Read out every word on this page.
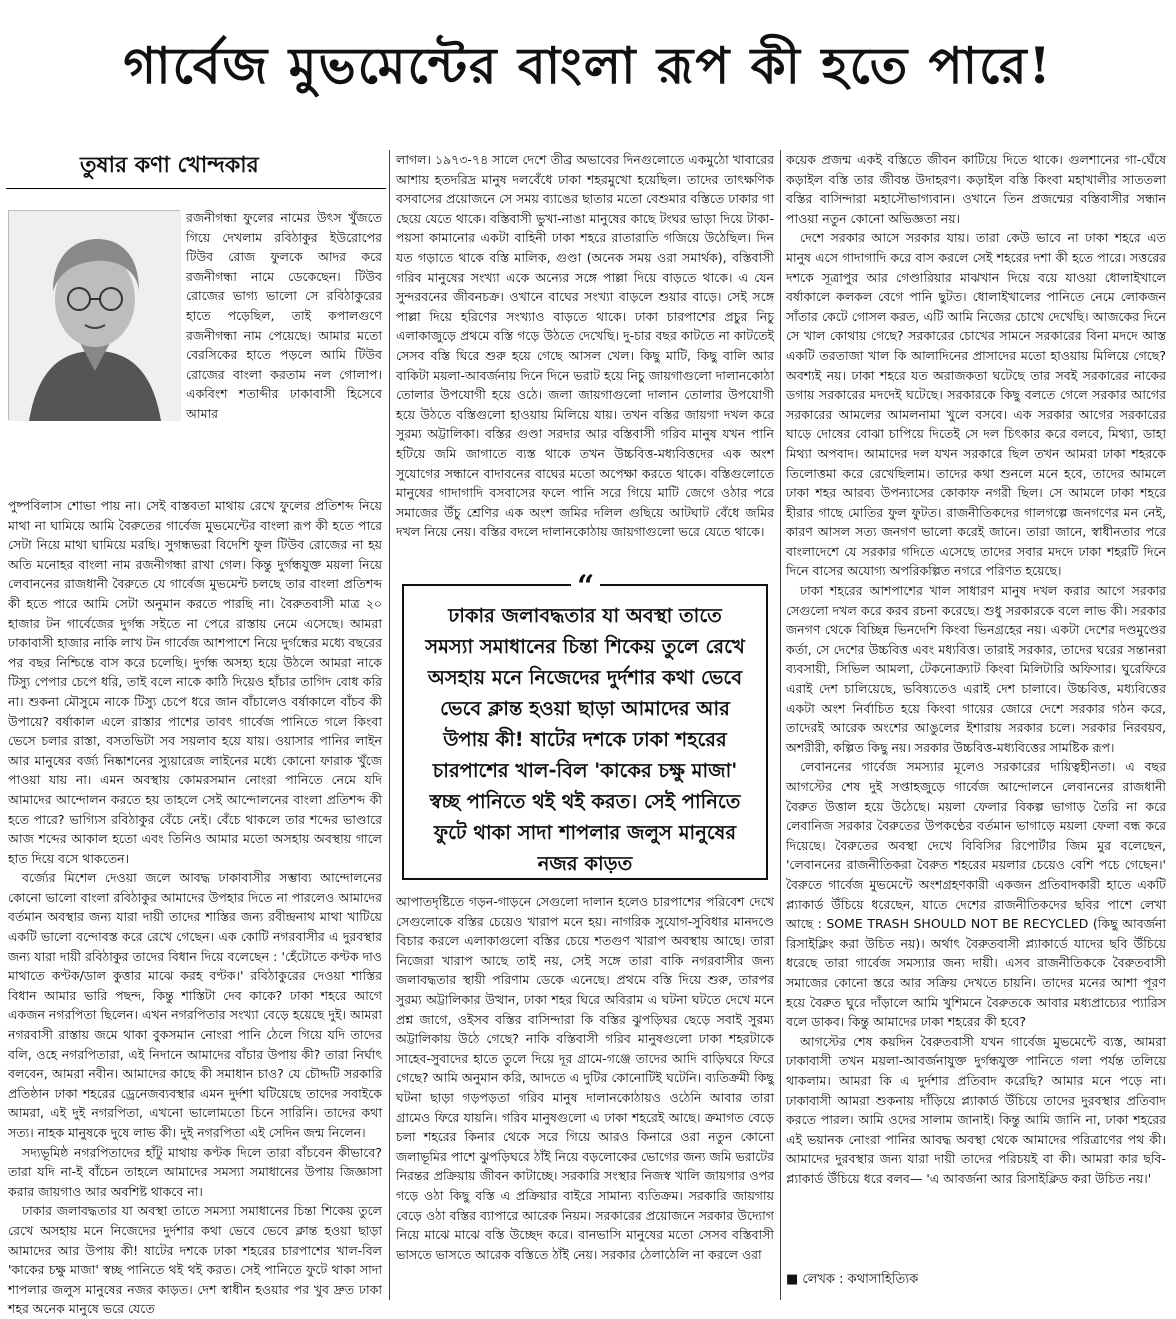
গার্বেজ মুভমেন্টের বাংলা রূপ কী হতে পারে!
তুষার কণা খোন্দকার

রজনীগন্ধা ফুলের নামের উৎস খুঁজতে গিয়ে দেখলাম রবিঠাকুর ইউরোপের টিউব রোজ ফুলকে আদর করে রজনীগন্ধা নামে ডেকেছেন। টিউব রোজের ভাগ্য ভালো সে রবিঠাকুরের হাতে পড়েছিল, তাই কপালগুণে রজনীগন্ধা নাম পেয়েছে। আমার মতো বেরসিকের হাতে পড়লে আমি টিউব রোজের বাংলা করতাম নল গোলাপ। একবিংশ শতাব্দীর ঢাকাবাসী হিসেবে আমার

পুষ্পবিলাস শোভা পায় না। সেই বাস্তবতা মাথায় রেখে ফুলের প্রতিশব্দ নিয়ে মাথা না ঘামিয়ে আমি বৈরুতের গার্বেজ মুভমেন্টের বাংলা রূপ কী হতে পারে সেটা নিয়ে মাথা ঘামিয়ে মরছি। সুগন্ধভরা বিদেশি ফুল টিউব রোজের না হয় অতি মনোহর বাংলা নাম রজনীগন্ধা রাখা গেল। কিন্তু দুর্গন্ধযুক্ত ময়লা নিয়ে লেবাননের রাজধানী বৈরুতে যে গার্বেজ মুভমেন্ট চলছে তার বাংলা প্রতিশব্দ কী হতে পারে আমি সেটা অনুমান করতে পারছি না। বৈরুতবাসী মাত্র ২০ হাজার টন গার্বেজের দুর্গন্ধ সইতে না পেরে রাস্তায় নেমে এসেছে। আমরা ঢাকাবাসী হাজার নাকি লাখ টন গার্বেজ আশপাশে নিয়ে দুর্গন্ধের মধ্যে বছরের পর বছর নিশ্চিন্তে বাস করে চলেছি। দুর্গন্ধ অসহ্য হয়ে উঠলে আমরা নাকে টিস্যু পেপার চেপে ধরি, তাই বলে নাকে কাঠি দিয়েও হাঁচার তাগিদ বোধ করি না। শুকনা মৌসুমে নাকে টিস্যু চেপে ধরে জান বাঁচালেও বর্ষাকালে বাঁচব কী উপায়ে? বর্ষাকাল এলে রাস্তার পাশের তাবৎ গার্বেজ পানিতে গলে কিংবা ভেসে চলার রাস্তা, বসতভিটা সব সয়লাব হয়ে যায়। ওয়াসার পানির লাইন আর মানুষের বর্জ্য নিষ্কাশনের স্যুয়ারেজ লাইনের মধ্যে কোনো ফারাক খুঁজে পাওয়া যায় না। এমন অবস্থায় কোমরসমান নোংরা পানিতে নেমে যদি আমাদের আন্দোলন করতে হয় তাহলে সেই আন্দোলনের বাংলা প্রতিশব্দ কী হতে পারে? ভাগ্যিস রবিঠাকুর বেঁচে নেই। বেঁচে থাকলে তার শব্দের ভাণ্ডারে আজ শব্দের আকাল হতো এবং তিনিও আমার মতো অসহায় অবস্থায় গালে হাত দিয়ে বসে থাকতেন।

বর্জ্যের মিশেল দেওয়া জলে আবদ্ধ ঢাকাবাসীর সম্ভাব্য আন্দোলনের কোনো ভালো বাংলা রবিঠাকুর আমাদের উপহার দিতে না পারলেও আমাদের বর্তমান অবস্থার জন্য যারা দায়ী তাদের শাস্তির জন্য রবীন্দ্রনাথ মাথা খাটিয়ে একটি ভালো বন্দোবস্ত করে রেখে গেছেন। এক কোটি নগরবাসীর এ দুরবস্থার জন্য যারা দায়ী রবিঠাকুর তাদের বিধান দিয়ে বলেছেন : 'হেঁটোতে কণ্টক দাও মাথাতে কণ্টক/ডাল কুত্তার মাঝে করহ বণ্টক।' রবিঠাকুরের দেওয়া শাস্তির বিধান আমার ভারি পছন্দ, কিন্তু শাস্তিটা দেব কাকে? ঢাকা শহরে আগে একজন নগরপিতা ছিলেন। এখন নগরপিতার সংখ্যা বেড়ে হয়েছে দুই। আমরা নগরবাসী রাস্তায় জমে থাকা বুকসমান নোংরা পানি ঠেলে গিয়ে যদি তাদের বলি, ওহে নগরপিতারা, এই নিদানে আমাদের বাঁচার উপায় কী? তারা নির্ঘাৎ বলবেন, আমরা নবীন। আমাদের কাছে কী সমাধান চাও? যে চৌদ্দটি সরকারি প্রতিষ্ঠান ঢাকা শহরের ড্রেনেজব্যবস্থার এমন দুর্দশা ঘটিয়েছে তাদের সবাইকে আমরা, এই দুই নগরপিতা, এখনো ভালোমতো চিনে সারিনি। তাদের কথা সত্য। নাহক মানুষকে দুষে লাভ কী। দুই নগরপিতা এই সেদিন জন্ম নিলেন।

সদ্যভূমিষ্ঠ নগরপিতাদের হাঁটু মাথায় কণ্টক দিলে তারা বাঁচবেন কীভাবে? তারা যদি না-ই বাঁচেন তাহলে আমাদের সমস্যা সমাধানের উপায় জিজ্ঞাসা করার জায়গাও আর অবশিষ্ট থাকবে না।

ঢাকার জলাবদ্ধতার যা অবস্থা তাতে সমস্যা সমাধানের চিন্তা শিকেয় তুলে রেখে অসহায় মনে নিজেদের দুর্দশার কথা ভেবে ভেবে ক্লান্ত হওয়া ছাড়া আমাদের আর উপায় কী! ষাটের দশকে ঢাকা শহরের চারপাশের খাল-বিল 'কাকের চক্ষু মাজা' স্বচ্ছ পানিতে থই থই করত। সেই পানিতে ফুটে থাকা সাদা শাপলার জলুস মানুষের নজর কাড়ত। দেশ স্বাধীন হওয়ার পর খুব দ্রুত ঢাকা শহর অনেক মানুষে ভরে যেতে

লাগল। ১৯৭৩-৭৪ সালে দেশে তীব্র অভাবের দিনগুলোতে একমুঠো খাবারের আশায় হতদরিদ্র মানুষ দলবেঁধে ঢাকা শহরমুখো হয়েছিল। তাদের তাৎক্ষণিক বসবাসের প্রয়োজনে সে সময় ব্যাঙের ছাতার মতো বেশুমার বস্তিতে ঢাকার গা ছেয়ে যেতে থাকে। বস্তিবাসী ভুখা-নাঙা মানুষের কাছে টংঘর ভাড়া দিয়ে টাকা-পয়সা কামানোর একটা বাহিনী ঢাকা শহরে রাতারাতি গজিয়ে উঠেছিল। দিন যত গড়াতে থাকে বস্তি মালিক, গুণ্ডা (অনেক সময় ওরা সমার্থক), বস্তিবাসী গরিব মানুষের সংখ্যা একে অন্যের সঙ্গে পাল্লা দিয়ে বাড়তে থাকে। এ যেন সুন্দরবনের জীবনচক্র। ওখানে বাঘের সংখ্যা বাড়লে শুয়ার বাড়ে। সেই সঙ্গে পাল্লা দিয়ে হরিণের সংখ্যাও বাড়তে থাকে। ঢাকা চারপাশের প্রচুর নিচু এলাকাজুড়ে প্রথমে বস্তি গড়ে উঠতে দেখেছি। দু-চার বছর কাটতে না কাটতেই সেসব বস্তি ঘিরে শুরু হয়ে গেছে আসল খেল। কিছু মাটি, কিছু বালি আর বাকিটা ময়লা-আবর্জনায় দিনে দিনে ভরাট হয়ে নিচু জায়গাগুলো দালানকোঠা তোলার উপযোগী হয়ে ওঠে। জলা জায়গাগুলো দালান তোলার উপযোগী হয়ে উঠতে বস্তিগুলো হাওয়ায় মিলিয়ে যায়। তখন বস্তির জায়গা দখল করে সুরম্য অট্টালিকা। বস্তির গুণ্ডা সরদার আর বস্তিবাসী গরিব মানুষ যখন পানি হটিয়ে জমি জাগাতে ব্যস্ত থাকে তখন উচ্চবিত্ত-মধ্যবিত্তদের এক অংশ সুযোগের সন্ধানে বাদাবনের বাঘের মতো অপেক্ষা করতে থাকে। বস্তিগুলোতে মানুষের গাদাগাদি বসবাসের ফলে পানি সরে গিয়ে মাটি জেগে ওঠার পরে সমাজের উঁচু শ্রেণির এক অংশ জমির দলিল গুছিয়ে আটঘাট বেঁধে জমির দখল নিয়ে নেয়। বস্তির বদলে দালানকোঠায় জায়গাগুলো ভরে যেতে থাকে।

“
ঢাকার জলাবদ্ধতার যা অবস্থা তাতে সমস্যা সমাধানের চিন্তা শিকেয় তুলে রেখে অসহায় মনে নিজেদের দুর্দশার কথা ভেবে ভেবে ক্লান্ত হওয়া ছাড়া আমাদের আর উপায় কী! ষাটের দশকে ঢাকা শহরের চারপাশের খাল-বিল 'কাকের চক্ষু মাজা' স্বচ্ছ পানিতে থই থই করত। সেই পানিতে ফুটে থাকা সাদা শাপলার জলুস মানুষের নজর কাড়ত

আপাতদৃষ্টিতে গড়ন-গাড়নে সেগুলো দালান হলেও চারপাশের পরিবেশ দেখে সেগুলোকে বস্তির চেয়েও খারাপ মনে হয়। নাগরিক সুযোগ-সুবিধার মানদণ্ডে বিচার করলে এলাকাগুলো বস্তির চেয়ে শতগুণ খারাপ অবস্থায় আছে। তারা নিজেরা খারাপ আছে তাই নয়, সেই সঙ্গে তারা বাকি নগরবাসীর জন্য জলাবদ্ধতার স্থায়ী পরিণাম ডেকে এনেছে। প্রথমে বস্তি দিয়ে শুরু, তারপর সুরম্য অট্টালিকার উত্থান, ঢাকা শহর ঘিরে অবিরাম এ ঘটনা ঘটতে দেখে মনে প্রশ্ন জাগে, ওইসব বস্তির বাসিন্দারা কি বস্তির ঝুপড়িঘর ছেড়ে সবাই সুরম্য অট্টালিকায় উঠে গেছে? নাকি বস্তিবাসী গরিব মানুষগুলো ঢাকা শহরটাকে সাহেব-সুবাদের হাতে তুলে দিয়ে দূর গ্রামে-গঞ্জে তাদের আদি বাড়িঘরে ফিরে গেছে? আমি অনুমান করি, আদতে এ দুটির কোনোটিই ঘটেনি। ব্যতিক্রমী কিছু ঘটনা ছাড়া গড়পড়তা গরিব মানুষ দালানকোঠায়ও ওঠেনি আবার তারা গ্রামেও ফিরে যায়নি। গরিব মানুষগুলো এ ঢাকা শহরেই আছে। ক্রমাগত বেড়ে চলা শহরের কিনার থেকে সরে গিয়ে আরও কিনারে ওরা নতুন কোনো জলাভূমির পাশে ঝুপড়িঘরে ঠাঁই নিয়ে বড়লোকের ভোগের জন্য জমি ভরাটের নিরন্তর প্রক্রিয়ায় জীবন কাটাচ্ছে। সরকারি সংস্থার নিজস্ব খালি জায়গার ওপর গড়ে ওঠা কিছু বস্তি এ প্রক্রিয়ার বাইরে সামান্য ব্যতিক্রম। সরকারি জায়গায় বেড়ে ওঠা বস্তির ব্যাপারে আরেক নিয়ম। সরকারের প্রয়োজনে সরকার উদ্যোগ নিয়ে মাঝে মাঝে বস্তি উচ্ছেদ করে। বানভাসি মানুষের মতো সেসব বস্তিবাসী ভাসতে ভাসতে আরেক বস্তিতে ঠাঁই নেয়। সরকার ঠেলাঠেলি না করলে ওরা

কয়েক প্রজন্ম একই বস্তিতে জীবন কাটিয়ে দিতে থাকে। গুলশানের গা-ঘেঁষে কড়াইল বস্তি তার জীবন্ত উদাহরণ। কড়াইল বস্তি কিংবা মহাখালীর সাততলা বস্তির বাসিন্দারা মহাসৌভাগ্যবান। ওখানে তিন প্রজন্মের বস্তিবাসীর সন্ধান পাওয়া নতুন কোনো অভিজ্ঞতা নয়।

দেশে সরকার আসে সরকার যায়। তারা কেউ ভাবে না ঢাকা শহরে এত মানুষ এসে গাদাগাদি করে বাস করলে সেই শহরের দশা কী হতে পারে। সত্তরের দশকে সূত্রাপুর আর গেণ্ডারিয়ার মাঝখান দিয়ে বয়ে যাওয়া ধোলাইখালে বর্ষাকালে কলকল বেগে পানি ছুটত। ধোলাইখালের পানিতে নেমে লোকজন সাঁতার কেটে গোসল করত, এটি আমি নিজের চোখে দেখেছি। আজকের দিনে সে খাল কোথায় গেছে? সরকারের চোখের সামনে সরকারের বিনা মদদে আস্ত একটি তরতাজা খাল কি আলাদিনের প্রাসাদের মতো হাওয়ায় মিলিয়ে গেছে? অবশ্যই নয়। ঢাকা শহরে যত অরাজকতা ঘটেছে তার সবই সরকারের নাকের ডগায় সরকারের মদদেই ঘটেছে। সরকারকে কিছু বলতে গেলে সরকার আগের সরকারের আমলের আমলনামা খুলে বসবে। এক সরকার আগের সরকারের ঘাড়ে দোষের বোঝা চাপিয়ে দিতেই সে দল চিৎকার করে বলবে, মিথ্যা, ডাহা মিথ্যা অপবাদ। আমাদের দল যখন সরকারে ছিল তখন আমরা ঢাকা শহরকে তিলোত্তমা করে রেখেছিলাম। তাদের কথা শুনলে মনে হবে, তাদের আমলে ঢাকা শহর আরব্য উপন্যাসের কোকাফ নগরী ছিল। সে আমলে ঢাকা শহরে হীরার গাছে মোতির ফুল ফুটত। রাজনীতিকদের গালগল্পে জনগণের মন নেই, কারণ আসল সত্য জনগণ ভালো করেই জানে। তারা জানে, স্বাধীনতার পরে বাংলাদেশে যে সরকার গদিতে এসেছে তাদের সবার মদদে ঢাকা শহরটি দিনে দিনে বাসের অযোগ্য অপরিকল্পিত নগরে পরিণত হয়েছে।

ঢাকা শহরের আশপাশের খাল সাধারণ মানুষ দখল করার আগে সরকার সেগুলো দখল করে করব রচনা করেছে। শুধু সরকারকে বলে লাভ কী। সরকার জনগণ থেকে বিচ্ছিন্ন ভিনদেশি কিংবা ভিনগ্রহের নয়। একটা দেশের দণ্ডমুণ্ডের কর্তা, সে দেশের উচ্চবিত্ত এবং মধ্যবিত্ত। তারাই সরকার, তাদের ঘরের সন্তানরা ব্যবসায়ী, সিভিল আমলা, টেকনোক্র্যাট কিংবা মিলিটারি অফিসার। ঘুরেফিরে এরাই দেশ চালিয়েছে, ভবিষ্যতেও এরাই দেশ চালাবে। উচ্চবিত্ত, মধ্যবিত্তের একটা অংশ নির্বাচিত হয়ে কিংবা গায়ের জোরে দেশে সরকার গঠন করে, তাদেরই আরেক অংশের আঙুলের ইশারায় সরকার চলে। সরকার নিরবয়ব, অশরীরী, কল্পিত কিছু নয়। সরকার উচ্চবিত্ত-মধ্যবিত্তের সামষ্টিক রূপ।

লেবাননের গার্বেজ সমস্যার মূলেও সরকারের দায়িত্বহীনতা। এ বছর আগস্টের শেষ দুই সপ্তাহজুড়ে গার্বেজ আন্দোলনে লেবাননের রাজধানী বৈরুত উত্তাল হয়ে উঠেছে। ময়লা ফেলার বিকল্প ভাগাড় তৈরি না করে লেবানিজ সরকার বৈরুতের উপকণ্ঠের বর্তমান ভাগাড়ে ময়লা ফেলা বন্ধ করে দিয়েছে। বৈরুতের অবস্থা দেখে বিবিসির রিপোর্টার জিম মুর বলেছেন, 'লেবাননের রাজনীতিকরা বৈরুত শহরের ময়লার চেয়েও বেশি পচে গেছেন।' বৈরুতে গার্বেজ মুভমেন্টে অংশগ্রহণকারী একজন প্রতিবাদকারী হাতে একটি প্ল্যাকার্ড উঁচিয়ে ধরেছেন, যাতে দেশের রাজনীতিকদের ছবির পাশে লেখা আছে : SOME TRASH SHOULD NOT BE RECYCLED (কিছু আবর্জনা রিসাইক্লিং করা উচিত নয়)। অর্থাৎ বৈরুতবাসী প্ল্যাকার্ডে যাদের ছবি উঁচিয়ে ধরেছে তারা গার্বেজ সমস্যার জন্য দায়ী। এসব রাজনীতিককে বৈরুতবাসী সমাজের কোনো স্তরে আর সক্রিয় দেখতে চায়নি। তাদের মনের আশা পূরণ হয়ে বৈরুত ঘুরে দাঁড়ালে আমি খুশিমনে বৈরুতকে আবার মধ্যপ্রাচ্যের প্যারিস বলে ডাকব। কিন্তু আমাদের ঢাকা শহরের কী হবে?

আগস্টের শেষ কয়দিন বৈরুতবাসী যখন গার্বেজ মুভমেন্টে ব্যস্ত, আমরা ঢাকাবাসী তখন ময়লা-আবর্জনাযুক্ত দুর্গন্ধযুক্ত পানিতে গলা পর্যন্ত তলিয়ে থাকলাম। আমরা কি এ দুর্দশার প্রতিবাদ করেছি? আমার মনে পড়ে না। ঢাকাবাসী আমরা শুকনায় দাঁড়িয়ে প্ল্যাকার্ড উঁচিয়ে তাদের দুরবস্থার প্রতিবাদ করতে পারল। আমি ওদের সালাম জানাই। কিন্তু আমি জানি না, ঢাকা শহরের এই ভয়ানক নোংরা পানির আবদ্ধ অবস্থা থেকে আমাদের পরিত্রাণের পথ কী। আমাদের দুরবস্থার জন্য যারা দায়ী তাদের পরিচয়ই বা কী। আমরা কার ছবি-প্ল্যাকার্ড উঁচিয়ে ধরে বলব— 'এ আবর্জনা আর রিসাইক্লিড করা উচিত নয়।'

■ লেখক : কথাসাহিত্যিক
